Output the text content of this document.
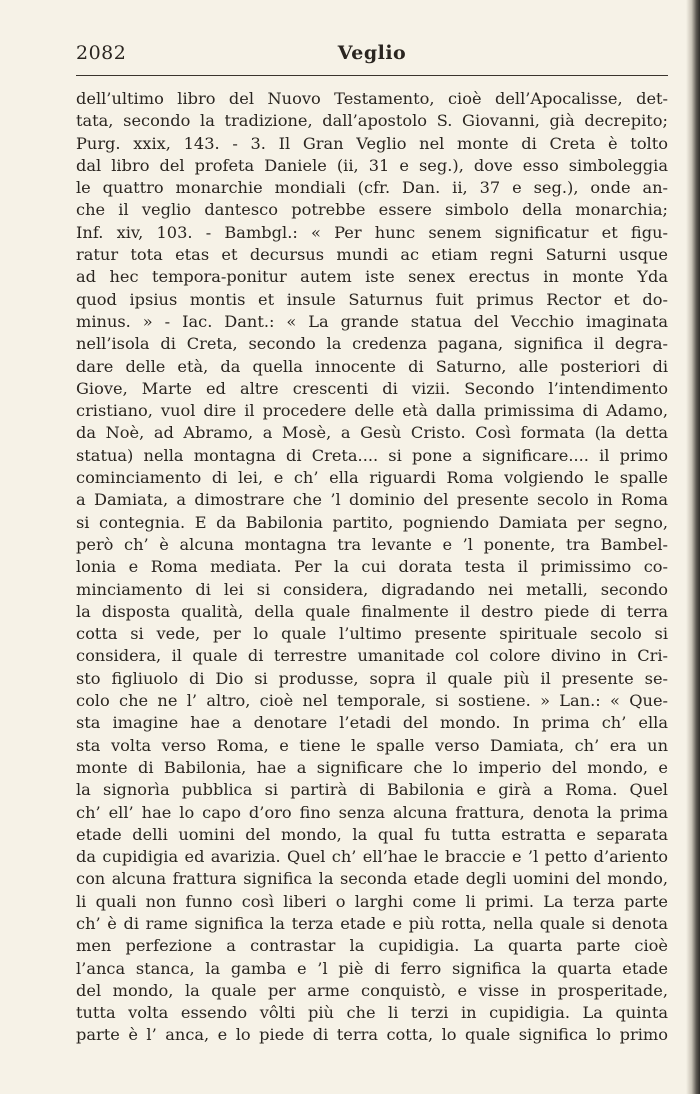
2082	Veglio
dell’ultimo libro del Nuovo Testamento, cioè dell’Apocalisse, det-
tata, secondo la tradizione, dall’apostolo S. Giovanni, già decrepito;
Purg. xxix, 143. - 3. Il Gran Veglio nel monte di Creta è tolto
dal libro del profeta Daniele (ii, 31 e seg.), dove esso simboleggia
le quattro monarchie mondiali (cfr. Dan. ii, 37 e seg.), onde an-
che il veglio dantesco potrebbe essere simbolo della monarchia;
Inf. xiv, 103. - Bambgl.: « Per hunc senem significatur et figu-
ratur tota etas et decursus mundi ac etiam regni Saturni usque
ad hec tempora-ponitur autem iste senex erectus in monte Yda
quod ipsius montis et insule Saturnus fuit primus Rector et do-
minus. » - Iac. Dant.: « La grande statua del Vecchio imaginata
nell’isola di Creta, secondo la credenza pagana, significa il degra-
dare delle età, da quella innocente di Saturno, alle posteriori di
Giove, Marte ed altre crescenti di vizii. Secondo l’intendimento
cristiano, vuol dire il procedere delle età dalla primissima di Adamo,
da Noè, ad Abramo, a Mosè, a Gesù Cristo. Così formata (la detta
statua) nella montagna di Creta.... si pone a significare.... il primo
cominciamento di lei, e ch’ ella riguardi Roma volgiendo le spalle
a Damiata, a dimostrare che ’l dominio del presente secolo in Roma
si contegnia. E da Babilonia partito, pogniendo Damiata per segno,
però ch’ è alcuna montagna tra levante e ’l ponente, tra Bambel-
lonia e Roma mediata. Per la cui dorata testa il primissimo co-
minciamento di lei si considera, digradando nei metalli, secondo
la disposta qualità, della quale finalmente il destro piede di terra
cotta si vede, per lo quale l’ultimo presente spirituale secolo si
considera, il quale di terrestre umanitade col colore divino in Cri-
sto figliuolo di Dio si produsse, sopra il quale più il presente se-
colo che ne l’ altro, cioè nel temporale, si sostiene. » Lan.: « Que-
sta imagine hae a denotare l’etadi del mondo. In prima ch’ ella
sta volta verso Roma, e tiene le spalle verso Damiata, ch’ era un
monte di Babilonia, hae a significare che lo imperio del mondo, e
la signorìa pubblica si partirà di Babilonia e girà a Roma. Quel
ch’ ell’ hae lo capo d’oro fino senza alcuna frattura, denota la prima
etade delli uomini del mondo, la qual fu tutta estratta e separata
da cupidigia ed avarizia. Quel ch’ ell’hae le braccie e ’l petto d’ariento
con alcuna frattura significa la seconda etade degli uomini del mondo,
li quali non funno così liberi o larghi come li primi. La terza parte
ch’ è di rame significa la terza etade e più rotta, nella quale si denota
men perfezione a contrastar la cupidigia. La quarta parte cioè
l’anca stanca, la gamba e ’l piè di ferro significa la quarta etade
del mondo, la quale per arme conquistò, e visse in prosperitade,
tutta volta essendo vôlti più che li terzi in cupidigia. La quinta
parte è l’ anca, e lo piede di terra cotta, lo quale significa lo primo
